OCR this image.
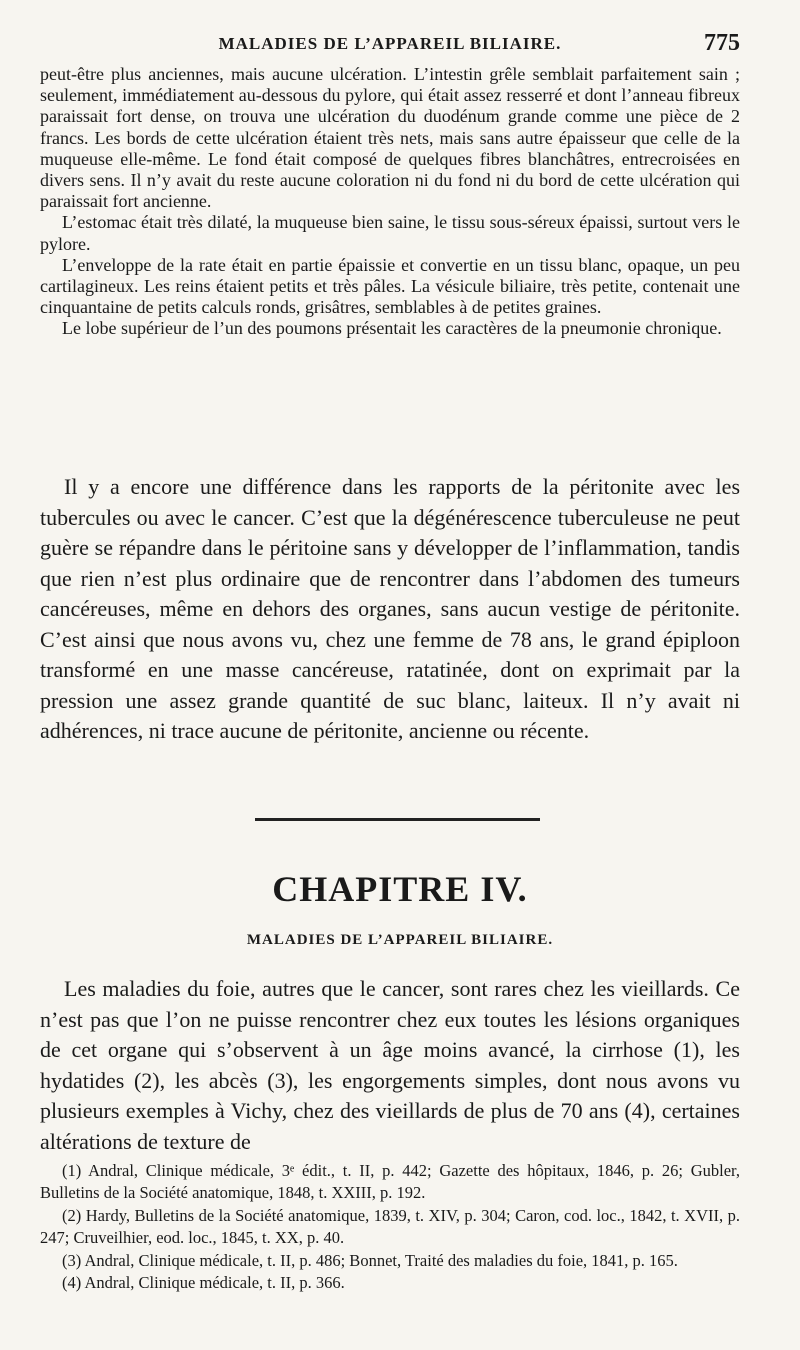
MALADIES DE L’APPAREIL BILIAIRE.	775

peut-être plus anciennes, mais aucune ulcération. L’intestin grêle semblait parfaitement sain ; seulement, immédiatement au-dessous du pylore, qui était assez resserré et dont l’anneau fibreux paraissait fort dense, on trouva une ulcération du duodénum grande comme une pièce de 2 francs. Les bords de cette ulcération étaient très nets, mais sans autre épaisseur que celle de la muqueuse elle-même. Le fond était composé de quelques fibres blanchâtres, entrecroisées en divers sens. Il n’y avait du reste aucune coloration ni du fond ni du bord de cette ulcération qui paraissait fort ancienne.

L’estomac était très dilaté, la muqueuse bien saine, le tissu sous-séreux épaissi, surtout vers le pylore.

L’enveloppe de la rate était en partie épaissie et convertie en un tissu blanc, opaque, un peu cartilagineux. Les reins étaient petits et très pâles. La vésicule biliaire, très petite, contenait une cinquantaine de petits calculs ronds, grisâtres, semblables à de petites graines.

Le lobe supérieur de l’un des poumons présentait les caractères de la pneumonie chronique.

Il y a encore une différence dans les rapports de la péritonite avec les tubercules ou avec le cancer. C’est que la dégénérescence tuberculeuse ne peut guère se répandre dans le péritoine sans y développer de l’inflammation, tandis que rien n’est plus ordinaire que de rencontrer dans l’abdomen des tumeurs cancéreuses, même en dehors des organes, sans aucun vestige de péritonite. C’est ainsi que nous avons vu, chez une femme de 78 ans, le grand épiploon transformé en une masse cancéreuse, ratatinée, dont on exprimait par la pression une assez grande quantité de suc blanc, laiteux. Il n’y avait ni adhérences, ni trace aucune de péritonite, ancienne ou récente.

CHAPITRE IV.
MALADIES DE L’APPAREIL BILIAIRE.

Les maladies du foie, autres que le cancer, sont rares chez les vieillards. Ce n’est pas que l’on ne puisse rencontrer chez eux toutes les lésions organiques de cet organe qui s’observent à un âge moins avancé, la cirrhose (1), les hydatides (2), les abcès (3), les engorgements simples, dont nous avons vu plusieurs exemples à Vichy, chez des vieillards de plus de 70 ans (4), certaines altérations de texture de

(1) Andral, Clinique médicale, 3ᵉ édit., t. II, p. 442; Gazette des hôpitaux, 1846, p. 26; Gubler, Bulletins de la Société anatomique, 1848, t. XXIII, p. 192.

(2) Hardy, Bulletins de la Société anatomique, 1839, t. XIV, p. 304; Caron, cod. loc., 1842, t. XVII, p. 247; Cruveilhier, eod. loc., 1845, t. XX, p. 40.

(3) Andral, Clinique médicale, t. II, p. 486; Bonnet, Traité des maladies du foie, 1841, p. 165.

(4) Andral, Clinique médicale, t. II, p. 366.
